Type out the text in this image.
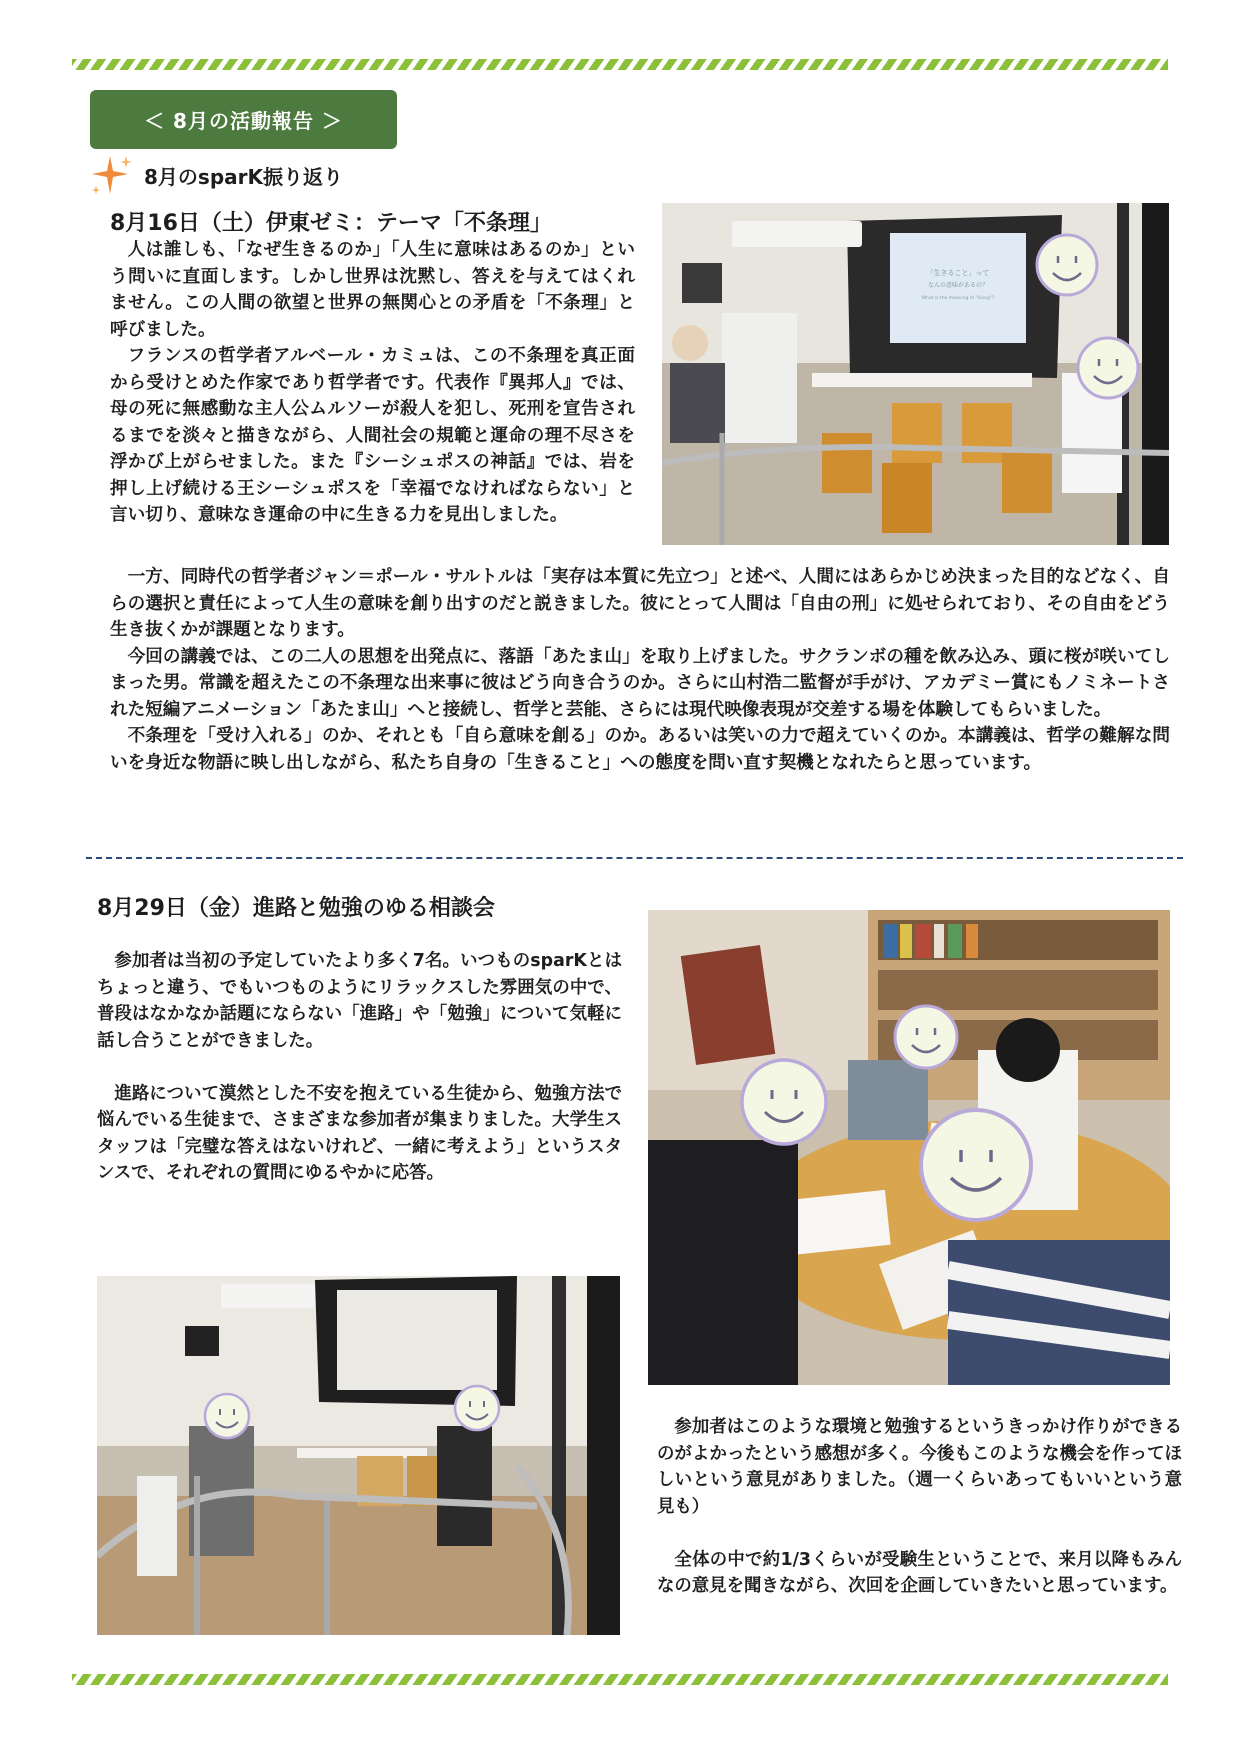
＜ 8月の活動報告 ＞
8月のsparK振り返り
8月16日（土）伊東ゼミ：テーマ「不条理」

人は誰しも、「なぜ生きるのか」「人生に意味はあるのか」という問いに直面します。しかし世界は沈黙し、答えを与えてはくれません。この人間の欲望と世界の無関心との矛盾を「不条理」と呼びました。

フランスの哲学者アルベール・カミュは、この不条理を真正面から受けとめた作家であり哲学者です。代表作『異邦人』では、母の死に無感動な主人公ムルソーが殺人を犯し、死刑を宣告されるまでを淡々と描きながら、人間社会の規範と運命の理不尽さを浮かび上がらせました。また『シーシュポスの神話』では、岩を押し上げ続ける王シーシュポスを「幸福でなければならない」と言い切り、意味なき運命の中に生きる力を見出しました。

「生きること」って
なんの意味があるの？
What is the meaning of "living"?

一方、同時代の哲学者ジャン＝ポール・サルトルは「実存は本質に先立つ」と述べ、人間にはあらかじめ決まった目的などなく、自らの選択と責任によって人生の意味を創り出すのだと説きました。彼にとって人間は「自由の刑」に処せられており、その自由をどう生き抜くかが課題となります。

今回の講義では、この二人の思想を出発点に、落語「あたま山」を取り上げました。サクランボの種を飲み込み、頭に桜が咲いてしまった男。常識を超えたこの不条理な出来事に彼はどう向き合うのか。さらに山村浩二監督が手がけ、アカデミー賞にもノミネートされた短編アニメーション「あたま山」へと接続し、哲学と芸能、さらには現代映像表現が交差する場を体験してもらいました。

不条理を「受け入れる」のか、それとも「自ら意味を創る」のか。あるいは笑いの力で超えていくのか。本講義は、哲学の難解な問いを身近な物語に映し出しながら、私たち自身の「生きること」への態度を問い直す契機となれたらと思っています。

8月29日（金）進路と勉強のゆる相談会

参加者は当初の予定していたより多く7名。いつものsparKとはちょっと違う、でもいつものようにリラックスした雰囲気の中で、普段はなかなか話題にならない「進路」や「勉強」について気軽に話し合うことができました。

進路について漠然とした不安を抱えている生徒から、勉強方法で悩んでいる生徒まで、さまざまな参加者が集まりました。大学生スタッフは「完璧な答えはないけれど、一緒に考えよう」というスタンスで、それぞれの質問にゆるやかに応答。

参加者はこのような環境と勉強するというきっかけ作りができるのがよかったという感想が多く。今後もこのような機会を作ってほしいという意見がありました。（週一くらいあってもいいという意見も）

全体の中で約1/3くらいが受験生ということで、来月以降もみんなの意見を聞きながら、次回を企画していきたいと思っています。
